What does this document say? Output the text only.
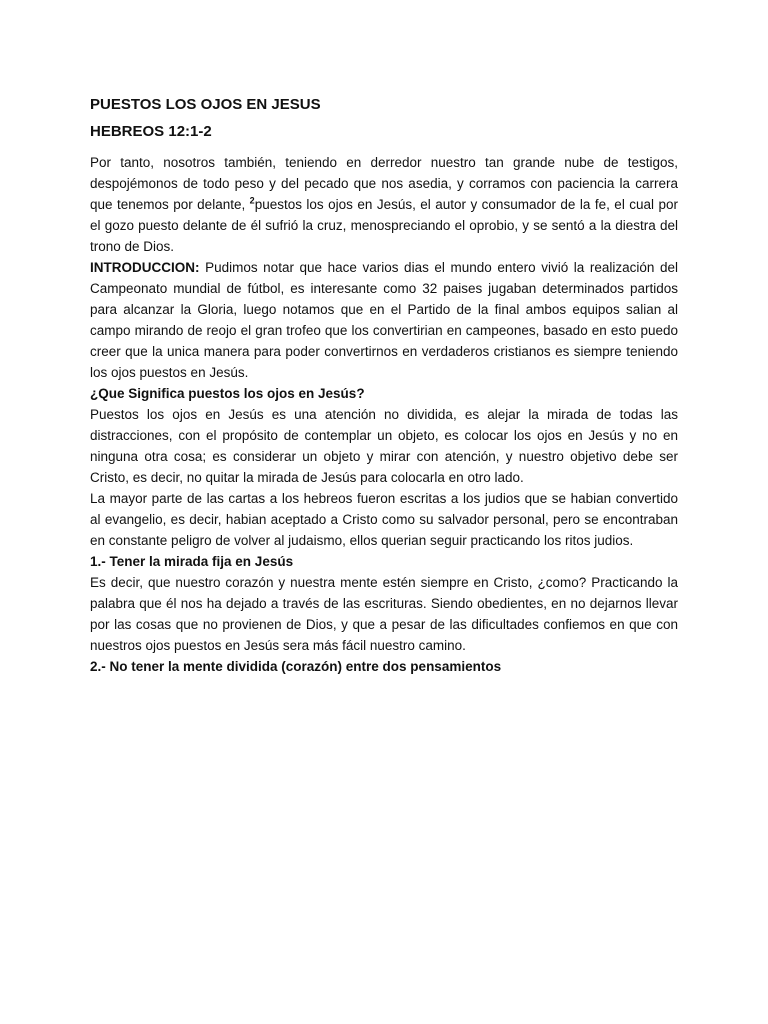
PUESTOS LOS OJOS EN JESUS
HEBREOS 12:1-2

Por tanto, nosotros también, teniendo en derredor nuestro tan grande nube de testigos, despojémonos de todo peso y del pecado que nos asedia, y corramos con paciencia la carrera que tenemos por delante, $^2$puestos los ojos en Jesús, el autor y consumador de la fe, el cual por el gozo puesto delante de él sufrió la cruz, menospreciando el oprobio, y se sentó a la diestra del trono de Dios.

INTRODUCCION: Pudimos notar que hace varios dias el mundo entero vivió la realización del Campeonato mundial de fútbol, es interesante como 32 paises jugaban determinados partidos para alcanzar la Gloria, luego notamos que en el Partido de la final ambos equipos salian al campo mirando de reojo el gran trofeo que los convertirian en campeones, basado en esto puedo creer que la unica manera para poder convertirnos en verdaderos cristianos es siempre teniendo los ojos puestos en Jesús.

¿Que Significa puestos los ojos en Jesús?

Puestos los ojos en Jesús es una atención no dividida, es alejar la mirada de todas las distracciones, con el propósito de contemplar un objeto, es colocar los ojos en Jesús y no en ninguna otra cosa; es considerar un objeto y mirar con atención, y nuestro objetivo debe ser Cristo, es decir, no quitar la mirada de Jesús para colocarla en otro lado.

La mayor parte de las cartas a los hebreos fueron escritas a los judios que se habian convertido al evangelio, es decir, habian aceptado a Cristo como su salvador personal, pero se encontraban en constante peligro de volver al judaismo, ellos querian seguir practicando los ritos judios.

1.- Tener la mirada fija en Jesús

Es decir, que nuestro corazón y nuestra mente estén siempre en Cristo, ¿como? Practicando la palabra que él nos ha dejado a través de las escrituras. Siendo obedientes, en no dejarnos llevar por las cosas que no provienen de Dios, y que a pesar de las dificultades confiemos en que con nuestros ojos puestos en Jesús sera más fácil nuestro camino.

2.- No tener la mente dividida (corazón) entre dos pensamientos
